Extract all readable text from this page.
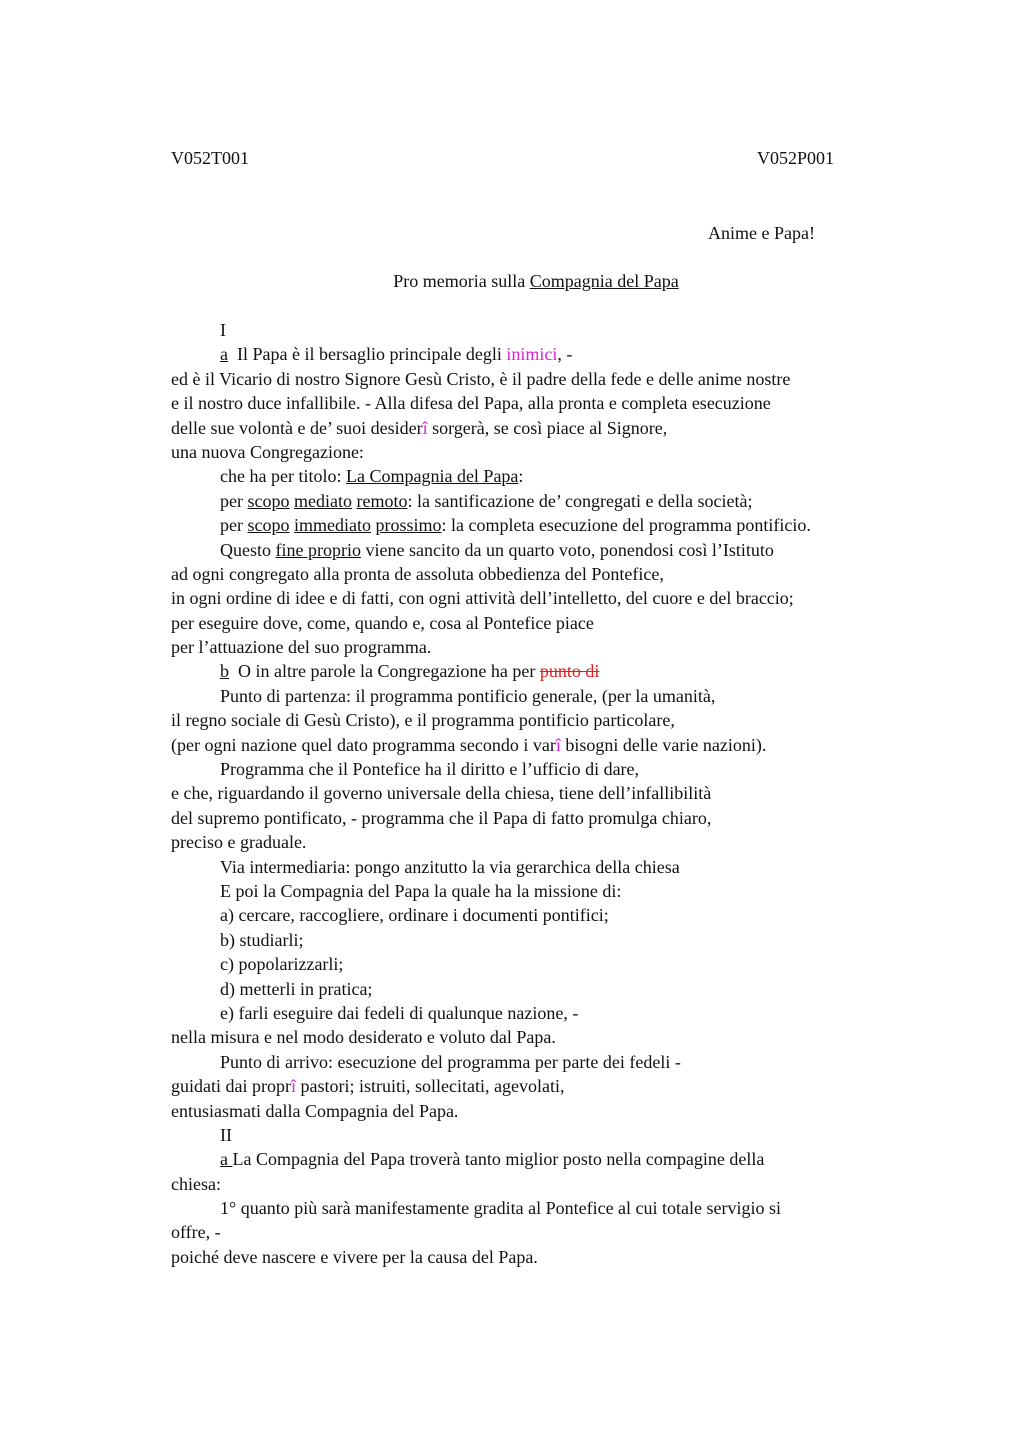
V052T001	V052P001

Anime e Papa!

Pro memoria sulla Compagnia del Papa

I

a Il Papa è il bersaglio principale degli inimici, -

ed è il Vicario di nostro Signore Gesù Cristo, è il padre della fede e delle anime nostre

e il nostro duce infallibile. - Alla difesa del Papa, alla pronta e completa esecuzione

delle sue volontà e de’ suoi desiderî sorgerà, se così piace al Signore,

una nuova Congregazione:

che ha per titolo: La Compagnia del Papa:

per scopo mediato remoto: la santificazione de’ congregati e della società;

per scopo immediato prossimo: la completa esecuzione del programma pontificio.

Questo fine proprio viene sancito da un quarto voto, ponendosi così l’Istituto

ad ogni congregato alla pronta de assoluta obbedienza del Pontefice,

in ogni ordine di idee e di fatti, con ogni attività dell’intelletto, del cuore e del braccio;

per eseguire dove, come, quando e, cosa al Pontefice piace

per l’attuazione del suo programma.

b O in altre parole la Congregazione ha per punto di

Punto di partenza: il programma pontificio generale, (per la umanità,

il regno sociale di Gesù Cristo), e il programma pontificio particolare,

(per ogni nazione quel dato programma secondo i varî bisogni delle varie nazioni).

Programma che il Pontefice ha il diritto e l’ufficio di dare,

e che, riguardando il governo universale della chiesa, tiene dell’infallibilità

del supremo pontificato, - programma che il Papa di fatto promulga chiaro,

preciso e graduale.

Via intermediaria: pongo anzitutto la via gerarchica della chiesa

E poi la Compagnia del Papa la quale ha la missione di:

a) cercare, raccogliere, ordinare i documenti pontifici;

b) studiarli;

c) popolarizzarli;

d) metterli in pratica;

e) farli eseguire dai fedeli di qualunque nazione, -

nella misura e nel modo desiderato e voluto dal Papa.

Punto di arrivo: esecuzione del programma per parte dei fedeli -

guidati dai proprî pastori; istruiti, sollecitati, agevolati,

entusiasmati dalla Compagnia del Papa.

II

a La Compagnia del Papa troverà tanto miglior posto nella compagine della

chiesa:

1° quanto più sarà manifestamente gradita al Pontefice al cui totale servigio si

offre, -

poiché deve nascere e vivere per la causa del Papa.
